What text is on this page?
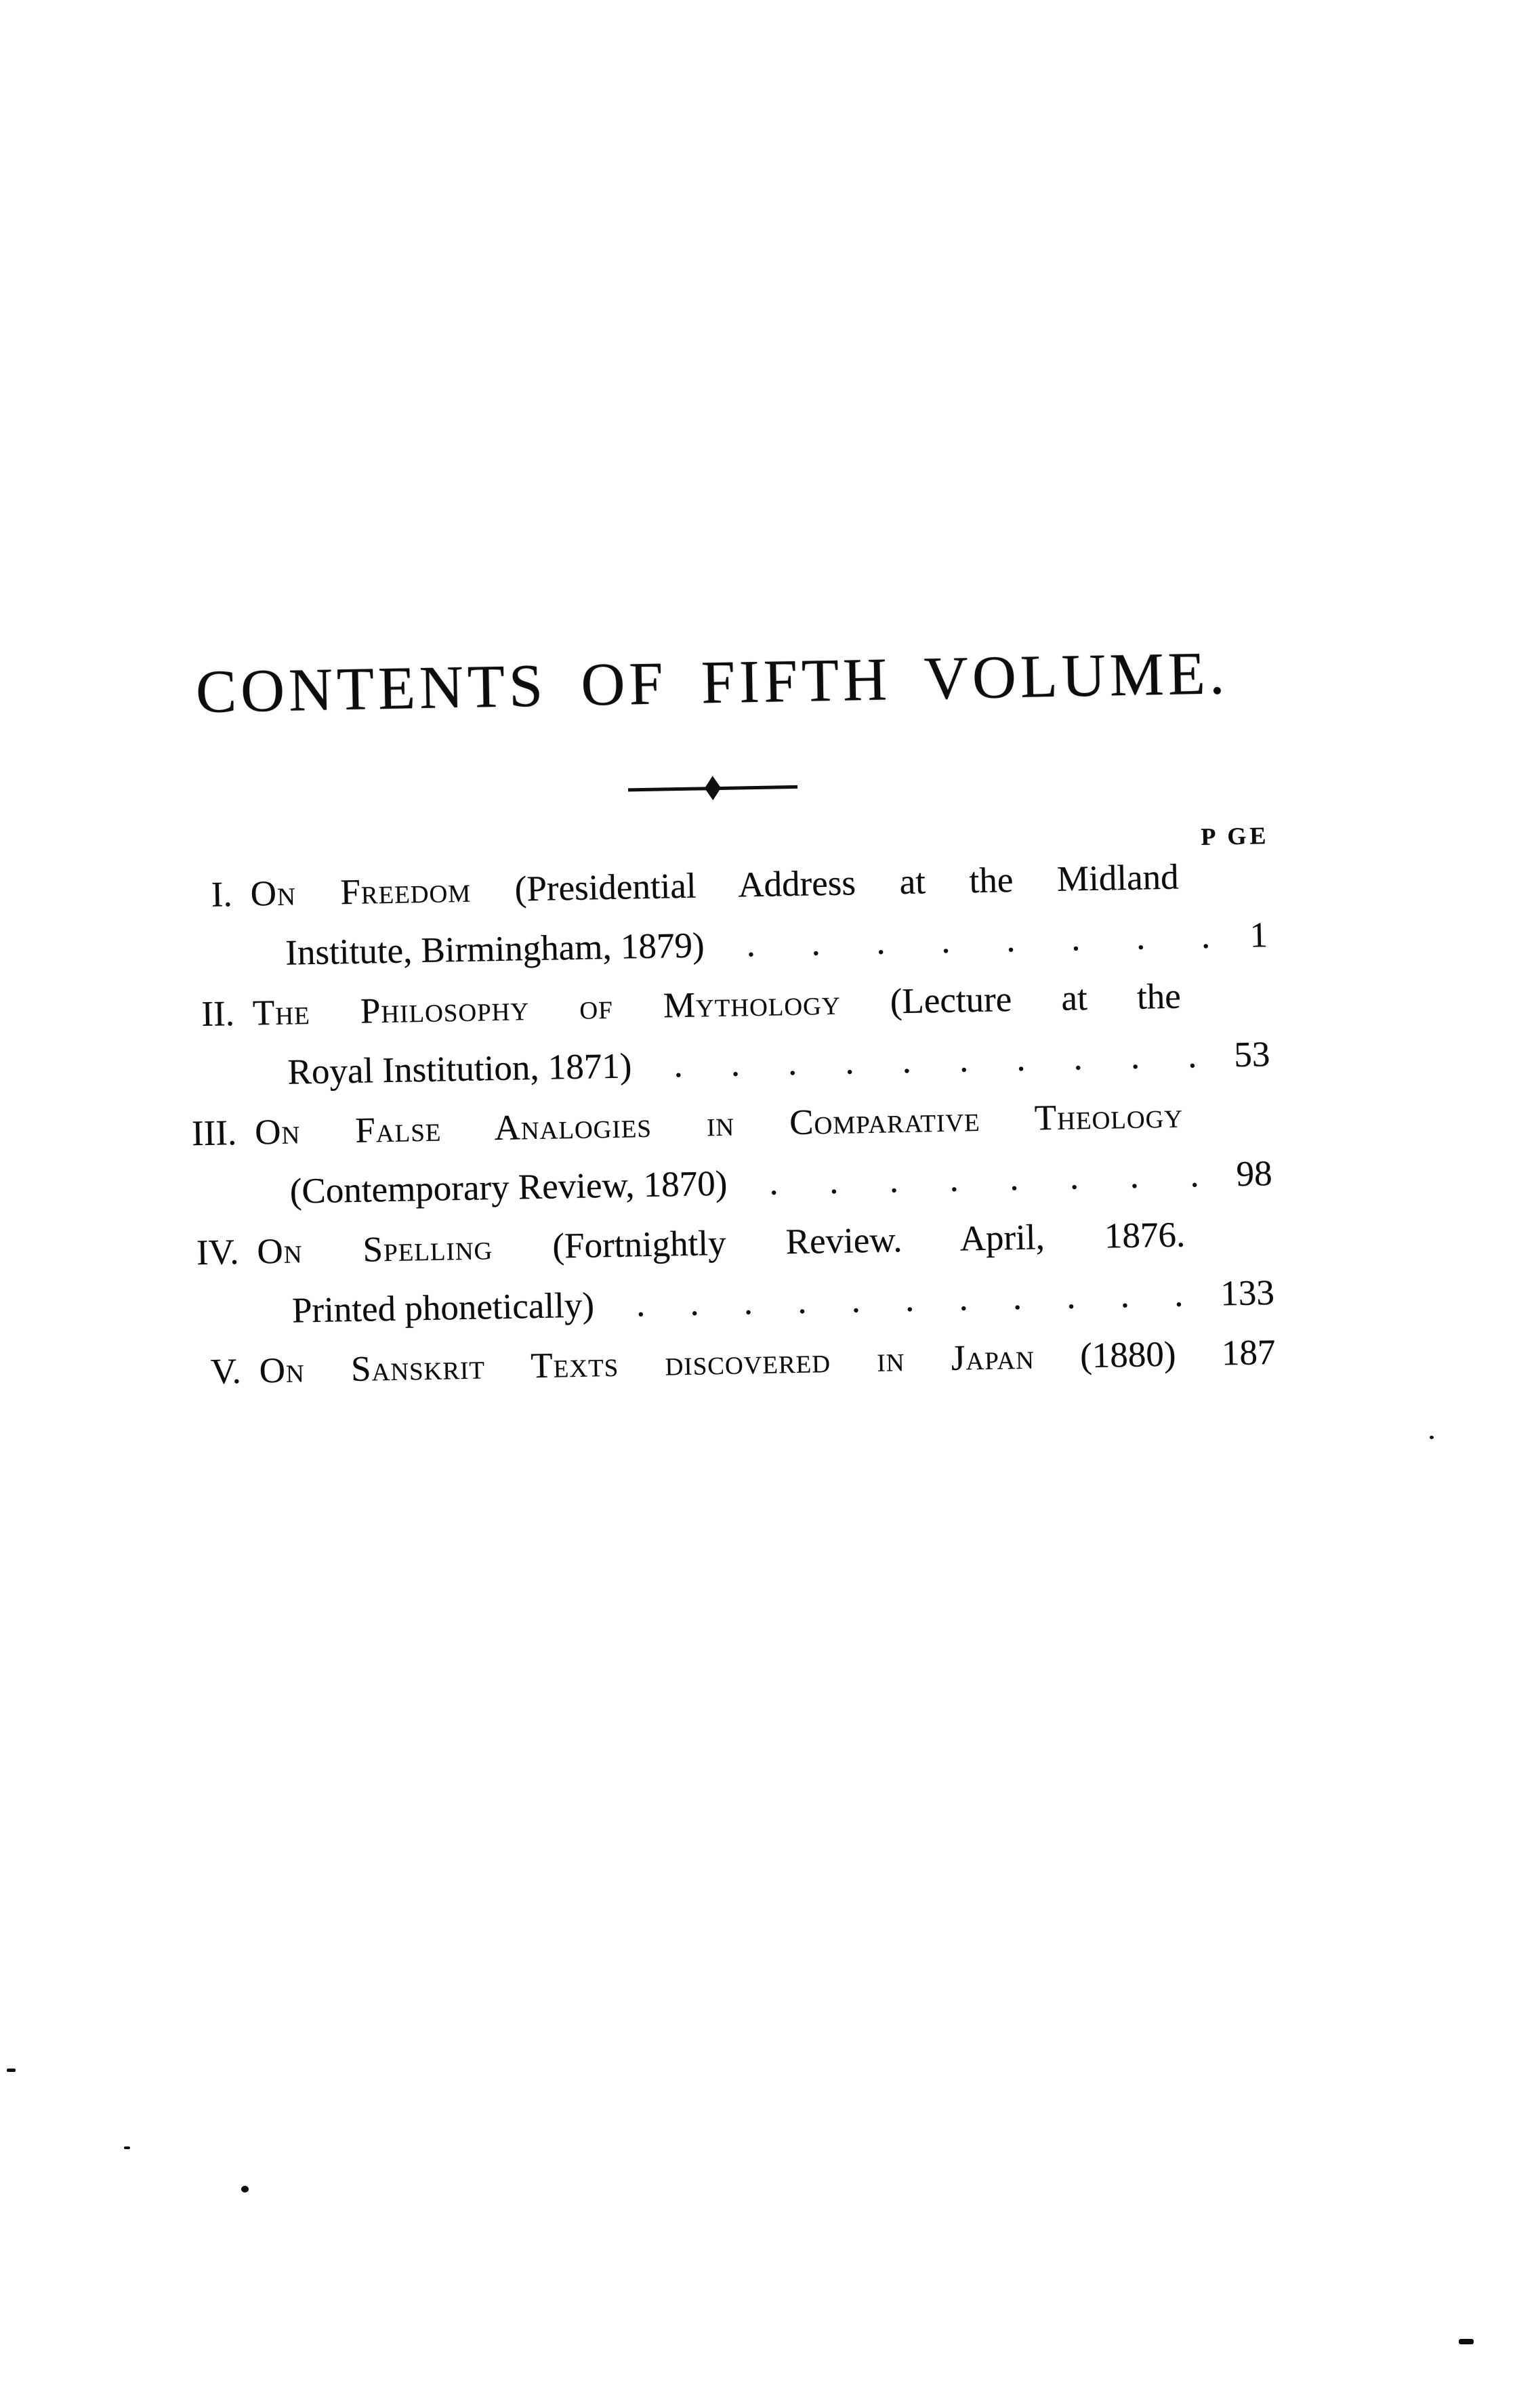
CONTENTS OF FIFTH VOLUME.
P GE
I. On Freedom (Presidential Address at the Midland
Institute, Birmingham, 1879) . . . . . . . . 1
II. The Philosophy of Mythology (Lecture at the
Royal Institution, 1871) . . . . . . . . . . 53
III. On False Analogies in Comparative Theology
(Contemporary Review, 1870) . . . . . . . . 98
IV. On Spelling (Fortnightly Review. April, 1876.
Printed phonetically) . . . . . . . . . . . 133
V. On Sanskrit Texts discovered in Japan (1880) 187
